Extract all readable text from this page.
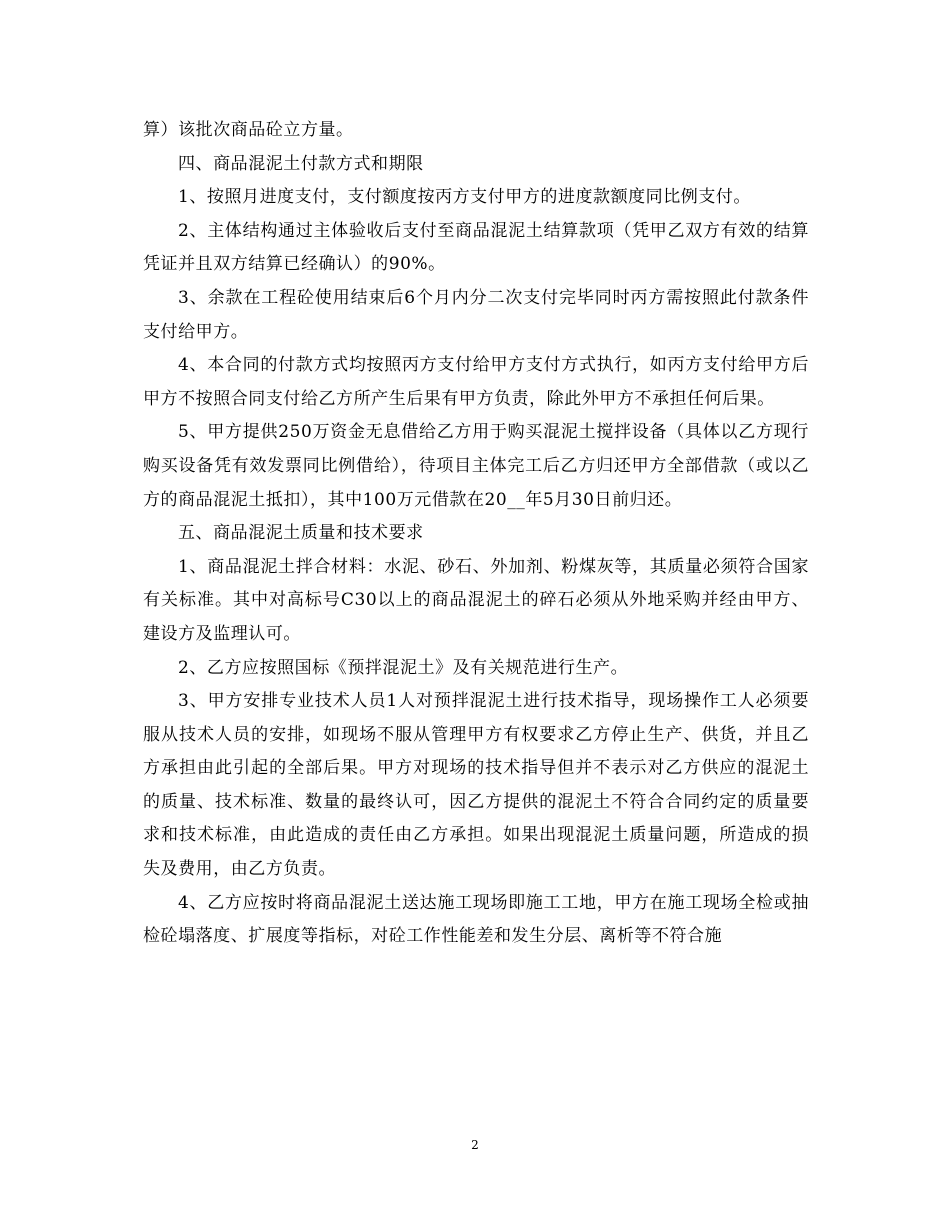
算）该批次商品砼立方量。

四、商品混泥土付款方式和期限

1、按照月进度支付，支付额度按丙方支付甲方的进度款额度同比例支付。

2、主体结构通过主体验收后支付至商品混泥土结算款项（凭甲乙双方有效的结算凭证并且双方结算已经确认）的90%。

3、余款在工程砼使用结束后6个月内分二次支付完毕同时丙方需按照此付款条件支付给甲方。

4、本合同的付款方式均按照丙方支付给甲方支付方式执行，如丙方支付给甲方后甲方不按照合同支付给乙方所产生后果有甲方负责，除此外甲方不承担任何后果。

5、甲方提供250万资金无息借给乙方用于购买混泥土搅拌设备（具体以乙方现行购买设备凭有效发票同比例借给），待项目主体完工后乙方归还甲方全部借款（或以乙方的商品混泥土抵扣），其中100万元借款在20__年5月30日前归还。

五、商品混泥土质量和技术要求

1、商品混泥土拌合材料：水泥、砂石、外加剂、粉煤灰等，其质量必须符合国家有关标准。其中对高标号C30以上的商品混泥土的碎石必须从外地采购并经由甲方、建设方及监理认可。

2、乙方应按照国标《预拌混泥土》及有关规范进行生产。

3、甲方安排专业技术人员1人对预拌混泥土进行技术指导，现场操作工人必须要服从技术人员的安排，如现场不服从管理甲方有权要求乙方停止生产、供货，并且乙方承担由此引起的全部后果。甲方对现场的技术指导但并不表示对乙方供应的混泥土的质量、技术标准、数量的最终认可，因乙方提供的混泥土不符合合同约定的质量要求和技术标准，由此造成的责任由乙方承担。如果出现混泥土质量问题，所造成的损失及费用，由乙方负责。

4、乙方应按时将商品混泥土送达施工现场即施工工地，甲方在施工现场全检或抽检砼塌落度、扩展度等指标，对砼工作性能差和发生分层、离析等不符合施

2
